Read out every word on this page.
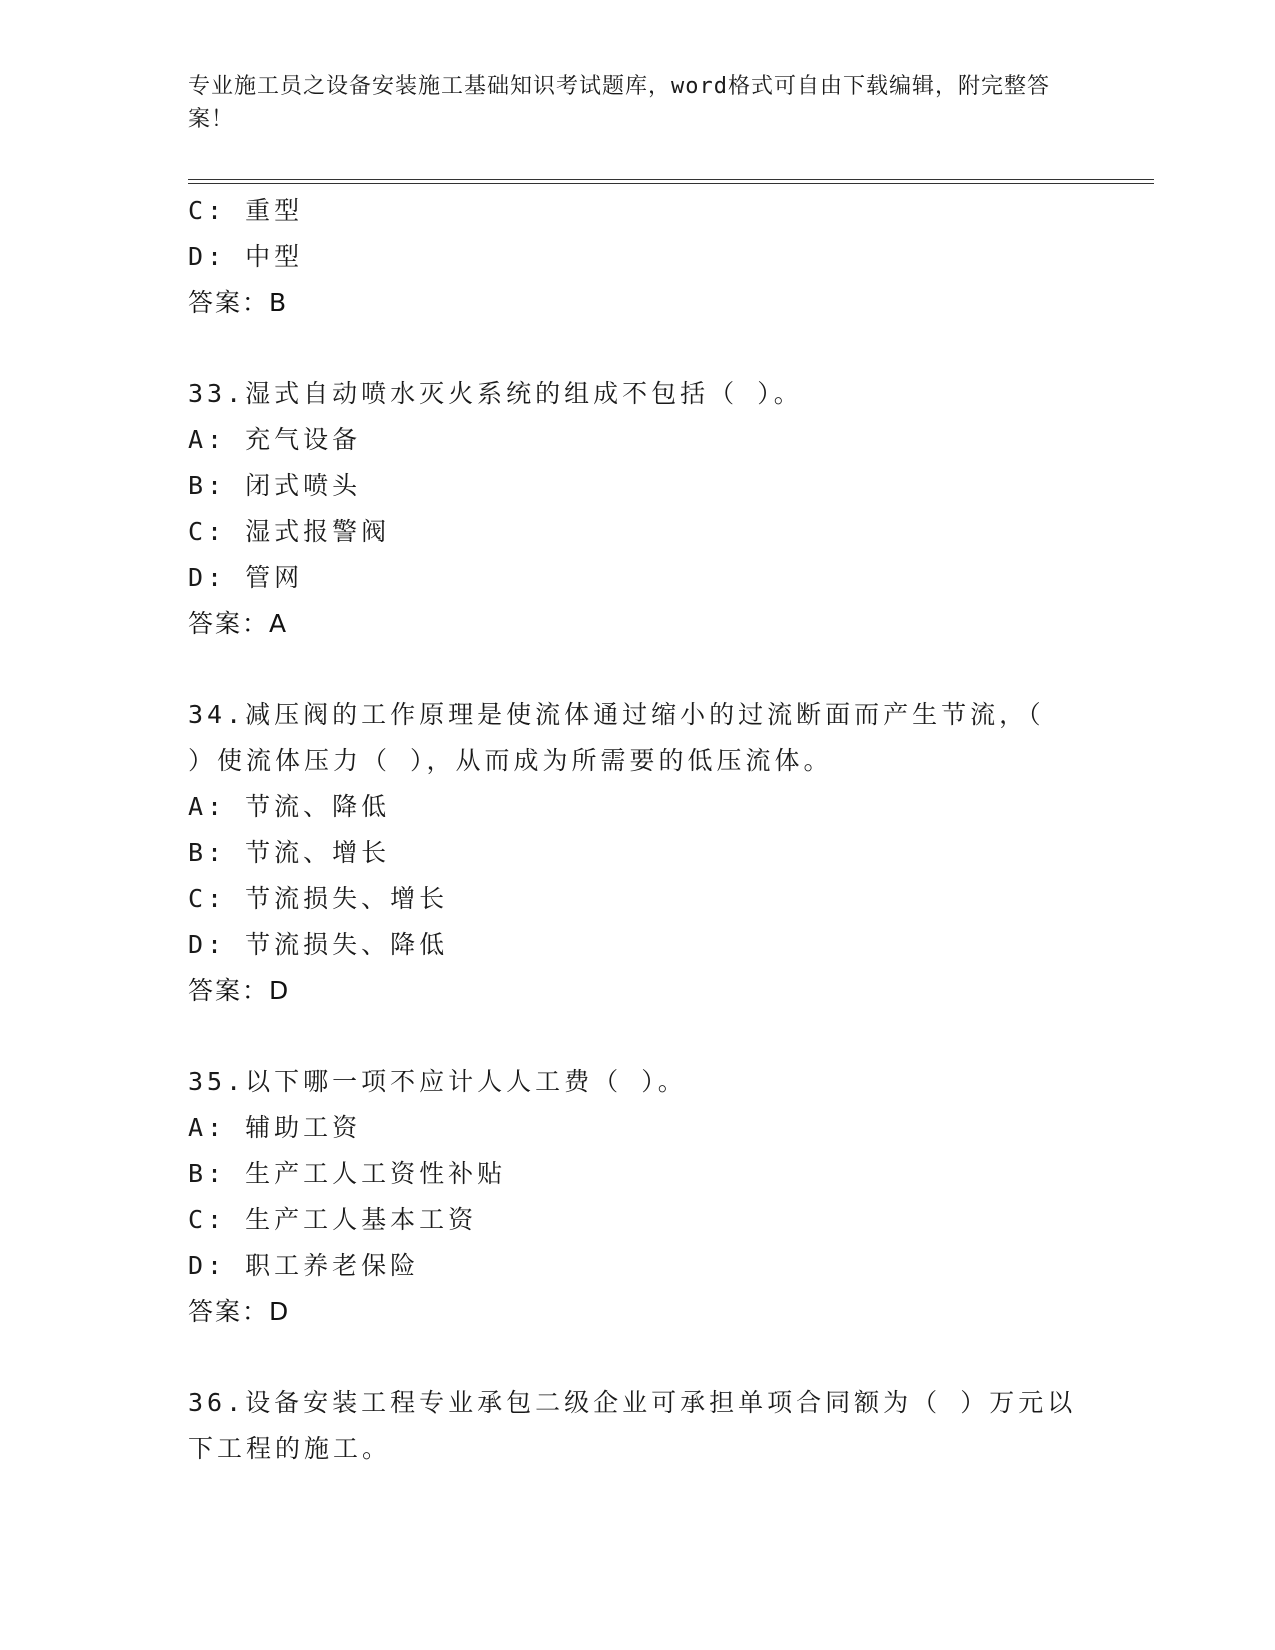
专业施工员之设备安装施工基础知识考试题库，word格式可自由下载编辑，附完整答案！
C: 重型
D: 中型
答案：B
33.湿式自动喷水灭火系统的组成不包括（ ）。
A: 充气设备
B: 闭式喷头
C: 湿式报警阀
D: 管网
答案：A
34.减压阀的工作原理是使流体通过缩小的过流断面而产生节流，（ ）使流体压力（ ），从而成为所需要的低压流体。
A: 节流、降低
B: 节流、增长
C: 节流损失、增长
D: 节流损失、降低
答案：D
35.以下哪一项不应计人人工费（ ）。
A: 辅助工资
B: 生产工人工资性补贴
C: 生产工人基本工资
D: 职工养老保险
答案：D
36.设备安装工程专业承包二级企业可承担单项合同额为（ ）万元以下工程的施工。
